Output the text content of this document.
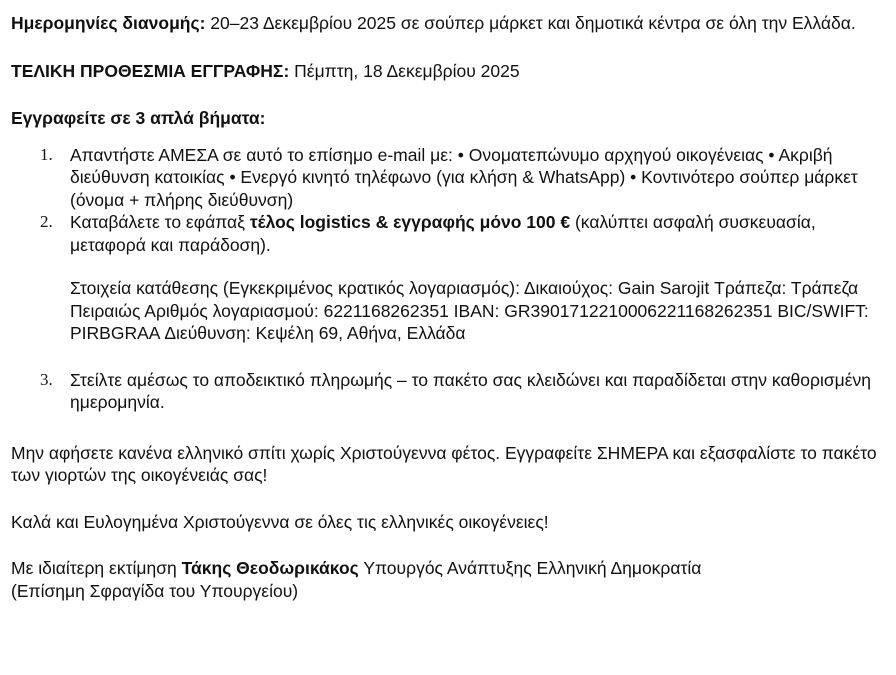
Ημερομηνίες διανομής: 20–23 Δεκεμβρίου 2025 σε σούπερ μάρκετ και δημοτικά κέντρα σε όλη την Ελλάδα.

ΤΕΛΙΚΗ ΠΡΟΘΕΣΜΙΑ ΕΓΓΡΑΦΗΣ: Πέμπτη, 18 Δεκεμβρίου 2025

Εγγραφείτε σε 3 απλά βήματα:

1. Απαντήστε ΑΜΕΣΑ σε αυτό το επίσημο e-mail με: • Ονοματεπώνυμο αρχηγού οικογένειας • Ακριβή διεύθυνση κατοικίας • Ενεργό κινητό τηλέφωνο (για κλήση & WhatsApp) • Κοντινότερο σούπερ μάρκετ (όνομα + πλήρης διεύθυνση)
2. Καταβάλετε το εφάπαξ τέλος logistics & εγγραφής μόνο 100 € (καλύπτει ασφαλή συσκευασία, μεταφορά και παράδοση).

Στοιχεία κατάθεσης (Εγκεκριμένος κρατικός λογαριασμός): Δικαιούχος: Gain Sarojit Τράπεζα: Τράπεζα Πειραιώς Αριθμός λογαριασμού: 6221168262351 IBAN: GR3901712210006221168262351 BIC/SWIFT: PIRBGRAA Διεύθυνση: Κεψέλη 69, Αθήνα, Ελλάδα

3. Στείλτε αμέσως το αποδεικτικό πληρωμής – το πακέτο σας κλειδώνει και παραδίδεται στην καθορισμένη ημερομηνία.

Μην αφήσετε κανένα ελληνικό σπίτι χωρίς Χριστούγεννα φέτος. Εγγραφείτε ΣΗΜΕΡΑ και εξασφαλίστε το πακέτο των γιορτών της οικογένειάς σας!

Καλά και Ευλογημένα Χριστούγεννα σε όλες τις ελληνικές οικογένειες!

Με ιδιαίτερη εκτίμηση Τάκης Θεοδωρικάκος Υπουργός Ανάπτυξης Ελληνική Δημοκρατία
(Επίσημη Σφραγίδα του Υπουργείου)
